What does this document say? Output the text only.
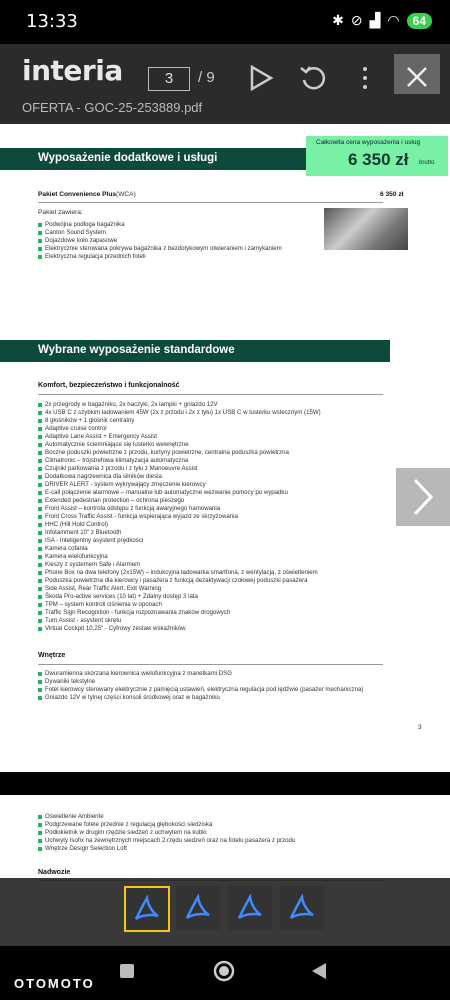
13:33	✱ ⊘ ▟ ◠	64
interia	3	/ 9
OFERTA - GOC-25-253889.pdf
Wyposażenie dodatkowe i usługi
Całkowita cena wyposażenia i usług
6 350 zł brutto
Pakiet Convenience Plus (WCA)	6 350 zł
Pakiet zawiera:
Podwójna podłoga bagażnika
Canton Sound System
Dojazdowe koło zapasowe
Elektrycznie sterowana pokrywa bagażnika z bezdotykowym otwieraniem i zamykaniem
Elektryczna regulacja przednich foteli
Wybrane wyposażenie standardowe
Komfort, bezpieczeństwo i funkcjonalność
2x przegrody w bagażniku, 2x haczyki, 2x lampki + gniazdo 12V
4x USB C z szybkim ładowaniem 45W (2x z przodu i 2x z tyłu) 1x USB C w lusterku wstecznym (15W)
8 głośników + 1 głośnik centralny
Adaptive cruise control
Adaptive Lane Assist + Emergency Assist
Automatycznie ściemniające się lusterko wewnętrzne
Boczne poduszki powietrzne z przodu, kurtyny powietrzne, centralna poduszka powietrzna
Climatronic – trójstrefowa klimatyzacja automatyczna
Czujniki parkowania z przodu i z tyłu z Manoeuvre Assist
Dodatkowa nagrzewnica dla silników diesla
DRIVER ALERT - system wykrywający zmęczenie kierowcy
E-call połączenie alarmowe – manualne lub automatyczne wezwanie pomocy po wypadku
Extended pedestrian protection – ochrona pieszego
Front Assist – kontrola odstępu z funkcją awaryjnego hamowania
Front Cross Traffic Assist - funkcja wspierająca wyjazd ze skrzyżowania
HHC (Hill Hold Control)
Infotainment 10" z Bluetooth
ISA - Inteligentny asystent prędkości
Kamera cofania
Kamera wielofunkcyjna
Kieszy z systemem Safe i Alarmem
Phone Box na dwa telefony (2x15W) – indukcyjna ładowarka smartfoná, z wentylacją, z oświetleniem
Poduszka powietrzna dla kierowcy i pasażera z funkcją dezaktywacji czołowej poduszki pasażera
Side Assist, Rear Traffic Alert, Exit Warning
Škoda Pro-active services (10 lat) + Zdalny dostęp 3 lata
TPM – system kontroli ciśnienia w oponach
Traffic Sign Recognition - funkcja rozpoznawania znaków drogowych
Turn Assist - asystent skrętu
Virtual Cockpit 10,25" - Cyfrowy zestaw wskaźników
Wnętrze
Dwuramienna skórzana kierownica wielofunkcyjna z manetkami DSG
Dywaniki tekstylne
Fotel kierowcy sterowany elektrycznie z pamięcią ustawień, elektryczna regulacja pod lędźwie (pasażer mechaniczna)
Gniazdo 12V w tylnej części konsoli środkowej oraz w bagażniku
3
Oświetlenie Ambiente
Podgrzewane fotele przednie z regulacją głębokości siedziska
Podłokietnik w drugim rzędzie siedzeń z uchwytem na kubki
Uchwyty Isofix na zewnętrznych miejscach 2.rzędu siedzeń oraz na fotelu pasażera z przodu
Wnętrze Design Selection Loft
Nadwozie
OTOMOTO
